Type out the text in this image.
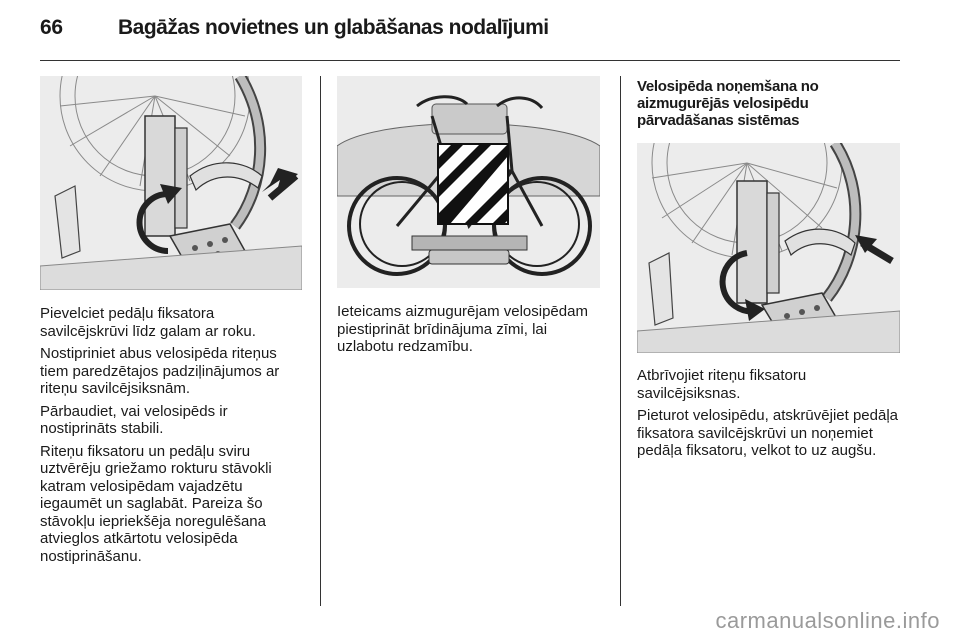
66	Bagāžas novietnes un glabāšanas nodalījumi

Pievelciet pedāļu fiksatora savilcējskrūvi līdz galam ar roku.

Nostipriniet abus velosipēda riteņus tiem paredzētajos padziļinājumos ar riteņu savilcējsiksnām.

Pārbaudiet, vai velosipēds ir nostiprināts stabili.

Riteņu fiksatoru un pedāļu sviru uztvērēju griežamo rokturu stāvokli katram velosipēdam vajadzētu iegaumēt un saglabāt. Pareiza šo stāvokļu iepriekšēja noregulēšana atvieglos atkārtotu velosipēda nostiprināšanu.

Ieteicams aizmugurējam velosipēdam piestiprināt brīdinājuma zīmi, lai uzlabotu redzamību.

Velosipēda noņemšana no aizmugurējās velosipēdu pārvadāšanas sistēmas

Atbrīvojiet riteņu fiksatoru savilcējsiksnas.

Pieturot velosipēdu, atskrūvējiet pedāļa fiksatora savilcējskrūvi un noņemiet pedāļa fiksatoru, velkot to uz augšu.

carmanualsonline.info
